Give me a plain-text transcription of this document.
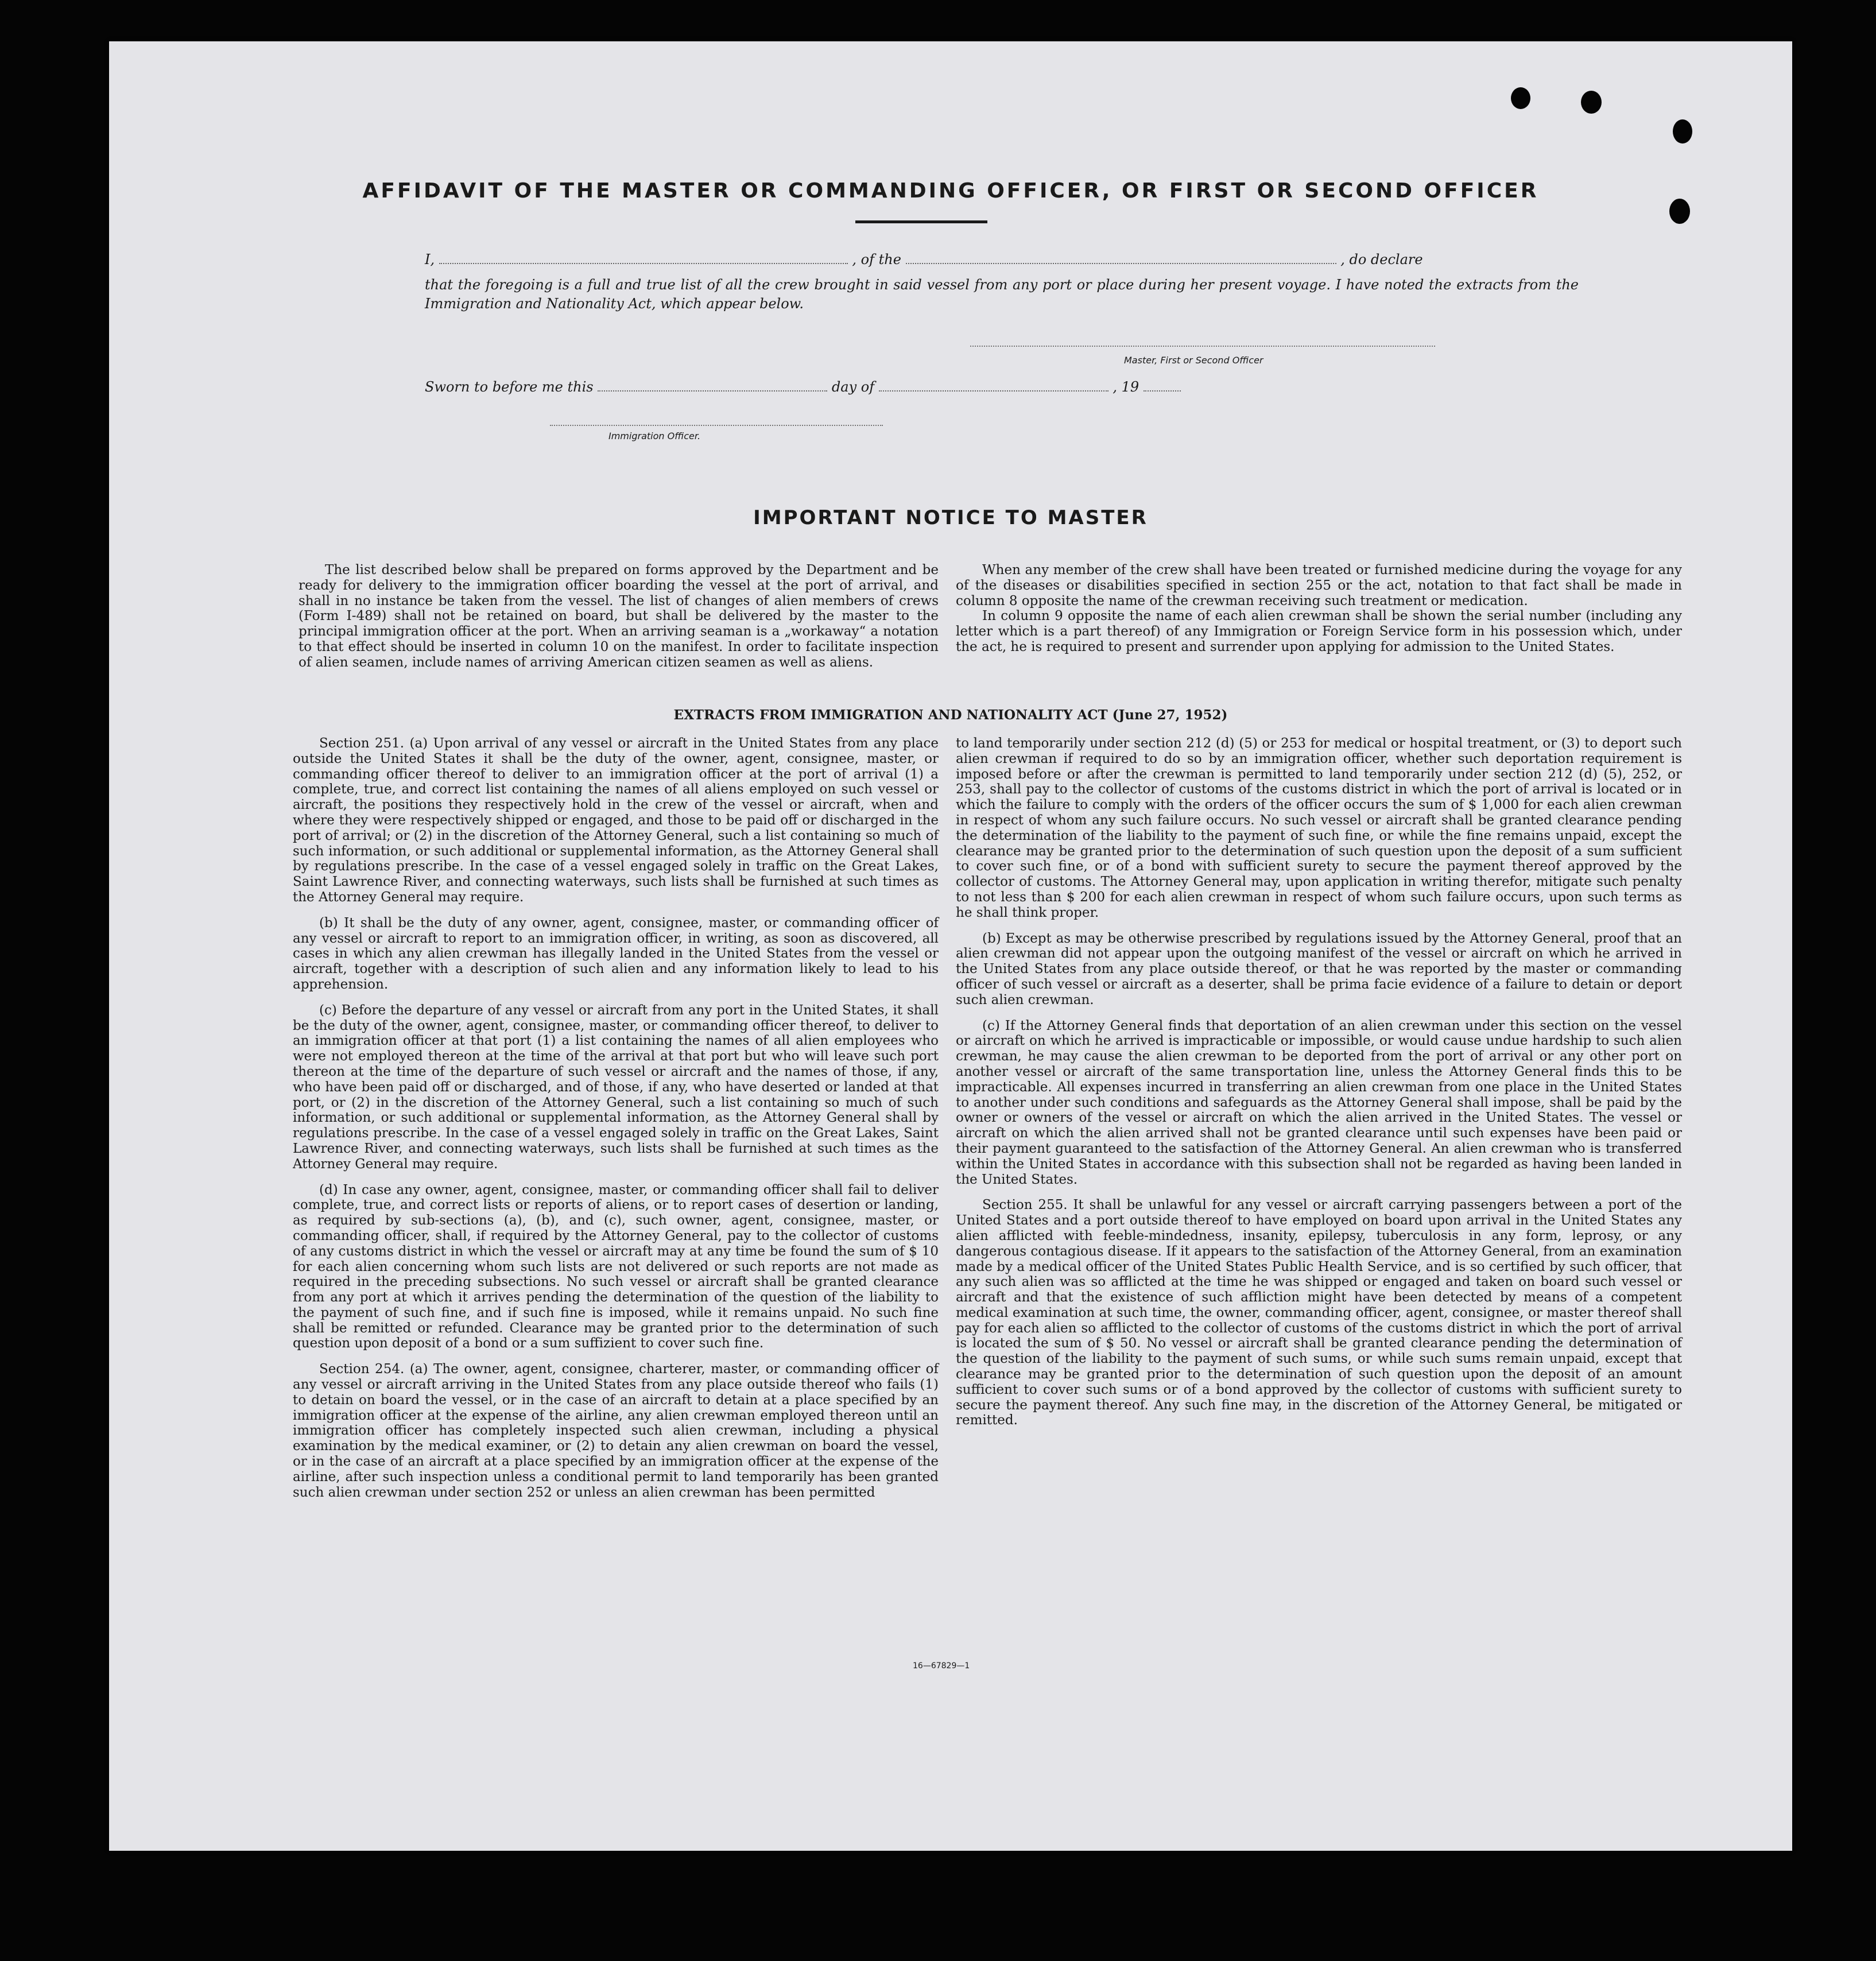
AFFIDAVIT OF THE MASTER OR COMMANDING OFFICER, OR FIRST OR SECOND OFFICER
I,	, of the	, do declare
that the foregoing is a full and true list of all the crew brought in said vessel from any port or place during her present voyage. I have noted the extracts from the Immigration and Nationality Act, which appear below.
Master, First or Second Officer
Sworn to before me this	day of	, 19
Immigration Officer.
IMPORTANT NOTICE TO MASTER

The list described below shall be prepared on forms approved by the Department and be ready for delivery to the immigration officer boarding the vessel at the port of arrival, and shall in no instance be taken from the vessel. The list of changes of alien members of crews (Form I-489) shall not be retained on board, but shall be delivered by the master to the principal immigration officer at the port. When an arriving seaman is a „workaway“ a notation to that effect should be inserted in column 10 on the manifest. In order to facilitate inspection of alien seamen, include names of arriving American citizen seamen as well as aliens.

When any member of the crew shall have been treated or furnished medicine during the voyage for any of the diseases or disabilities specified in section 255 or the act, notation to that fact shall be made in column 8 opposite the name of the crewman receiving such treatment or medication.

In column 9 opposite the name of each alien crewman shall be shown the serial number (including any letter which is a part thereof) of any Immigration or Foreign Service form in his possession which, under the act, he is required to present and surrender upon applying for admission to the United States.

EXTRACTS FROM IMMIGRATION AND NATIONALITY ACT (June 27, 1952)

Section 251. (a) Upon arrival of any vessel or aircraft in the United States from any place outside the United States it shall be the duty of the owner, agent, consignee, master, or commanding officer thereof to deliver to an immigration officer at the port of arrival (1) a complete, true, and correct list containing the names of all aliens employed on such vessel or aircraft, the positions they respectively hold in the crew of the vessel or aircraft, when and where they were respectively shipped or engaged, and those to be paid off or discharged in the port of arrival; or (2) in the discretion of the Attorney General, such a list containing so much of such information, or such additional or supplemental information, as the Attorney General shall by regulations prescribe. In the case of a vessel engaged solely in traffic on the Great Lakes, Saint Lawrence River, and connecting waterways, such lists shall be furnished at such times as the Attorney General may require.

(b) It shall be the duty of any owner, agent, consignee, master, or commanding officer of any vessel or aircraft to report to an immigration officer, in writing, as soon as discovered, all cases in which any alien crewman has illegally landed in the United States from the vessel or aircraft, together with a description of such alien and any information likely to lead to his apprehension.

(c) Before the departure of any vessel or aircraft from any port in the United States, it shall be the duty of the owner, agent, consignee, master, or commanding officer thereof, to deliver to an immigration officer at that port (1) a list containing the names of all alien employees who were not employed thereon at the time of the arrival at that port but who will leave such port thereon at the time of the departure of such vessel or aircraft and the names of those, if any, who have been paid off or discharged, and of those, if any, who have deserted or landed at that port, or (2) in the discretion of the Attorney General, such a list containing so much of such information, or such additional or supplemental information, as the Attorney General shall by regulations prescribe. In the case of a vessel engaged solely in traffic on the Great Lakes, Saint Lawrence River, and connecting waterways, such lists shall be furnished at such times as the Attorney General may require.

(d) In case any owner, agent, consignee, master, or commanding officer shall fail to deliver complete, true, and correct lists or reports of aliens, or to report cases of desertion or landing, as required by sub-sections (a), (b), and (c), such owner, agent, consignee, master, or commanding officer, shall, if required by the Attorney General, pay to the collector of customs of any customs district in which the vessel or aircraft may at any time be found the sum of $ 10 for each alien concerning whom such lists are not delivered or such reports are not made as required in the preceding subsections. No such vessel or aircraft shall be granted clearance from any port at which it arrives pending the determination of the question of the liability to the payment of such fine, and if such fine is imposed, while it remains unpaid. No such fine shall be remitted or refunded. Clearance may be granted prior to the determination of such question upon deposit of a bond or a sum suffizient to cover such fine.

Section 254. (a) The owner, agent, consignee, charterer, master, or commanding officer of any vessel or aircraft arriving in the United States from any place outside thereof who fails (1) to detain on board the vessel, or in the case of an aircraft to detain at a place specified by an immigration officer at the expense of the airline, any alien crewman employed thereon until an immigration officer has completely inspected such alien crewman, including a physical examination by the medical examiner, or (2) to detain any alien crewman on board the vessel, or in the case of an aircraft at a place specified by an immigration officer at the expense of the airline, after such inspection unless a conditional permit to land temporarily has been granted such alien crewman under section 252 or unless an alien crewman has been permitted

to land temporarily under section 212 (d) (5) or 253 for medical or hospital treatment, or (3) to deport such alien crewman if required to do so by an immigration officer, whether such deportation requirement is imposed before or after the crewman is permitted to land temporarily under section 212 (d) (5), 252, or 253, shall pay to the collector of customs of the customs district in which the port of arrival is located or in which the failure to comply with the orders of the officer occurs the sum of $ 1,000 for each alien crewman in respect of whom any such failure occurs. No such vessel or aircraft shall be granted clearance pending the determination of the liability to the payment of such fine, or while the fine remains unpaid, except the clearance may be granted prior to the determination of such question upon the deposit of a sum sufficient to cover such fine, or of a bond with sufficient surety to secure the payment thereof approved by the collector of customs. The Attorney General may, upon application in writing therefor, mitigate such penalty to not less than $ 200 for each alien crewman in respect of whom such failure occurs, upon such terms as he shall think proper.

(b) Except as may be otherwise prescribed by regulations issued by the Attorney General, proof that an alien crewman did not appear upon the outgoing manifest of the vessel or aircraft on which he arrived in the United States from any place outside thereof, or that he was reported by the master or commanding officer of such vessel or aircraft as a deserter, shall be prima facie evidence of a failure to detain or deport such alien crewman.

(c) If the Attorney General finds that deportation of an alien crewman under this section on the vessel or aircraft on which he arrived is impracticable or impossible, or would cause undue hardship to such alien crewman, he may cause the alien crewman to be deported from the port of arrival or any other port on another vessel or aircraft of the same transportation line, unless the Attorney General finds this to be impracticable. All expenses incurred in transferring an alien crewman from one place in the United States to another under such conditions and safeguards as the Attorney General shall impose, shall be paid by the owner or owners of the vessel or aircraft on which the alien arrived in the United States. The vessel or aircraft on which the alien arrived shall not be granted clearance until such expenses have been paid or their payment guaranteed to the satisfaction of the Attorney General. An alien crewman who is transferred within the United States in accordance with this subsection shall not be regarded as having been landed in the United States.

Section 255. It shall be unlawful for any vessel or aircraft carrying passengers between a port of the United States and a port outside thereof to have employed on board upon arrival in the United States any alien afflicted with feeble-mindedness, insanity, epilepsy, tuberculosis in any form, leprosy, or any dangerous contagious disease. If it appears to the satisfaction of the Attorney General, from an examination made by a medical officer of the United States Public Health Service, and is so certified by such officer, that any such alien was so afflicted at the time he was shipped or engaged and taken on board such vessel or aircraft and that the existence of such affliction might have been detected by means of a competent medical examination at such time, the owner, commanding officer, agent, consignee, or master thereof shall pay for each alien so afflicted to the collector of customs of the customs district in which the port of arrival is located the sum of $ 50. No vessel or aircraft shall be granted clearance pending the determination of the question of the liability to the payment of such sums, or while such sums remain unpaid, except that clearance may be granted prior to the determination of such question upon the deposit of an amount sufficient to cover such sums or of a bond approved by the collector of customs with sufficient surety to secure the payment thereof. Any such fine may, in the discretion of the Attorney General, be mitigated or remitted.

16—67829—1
